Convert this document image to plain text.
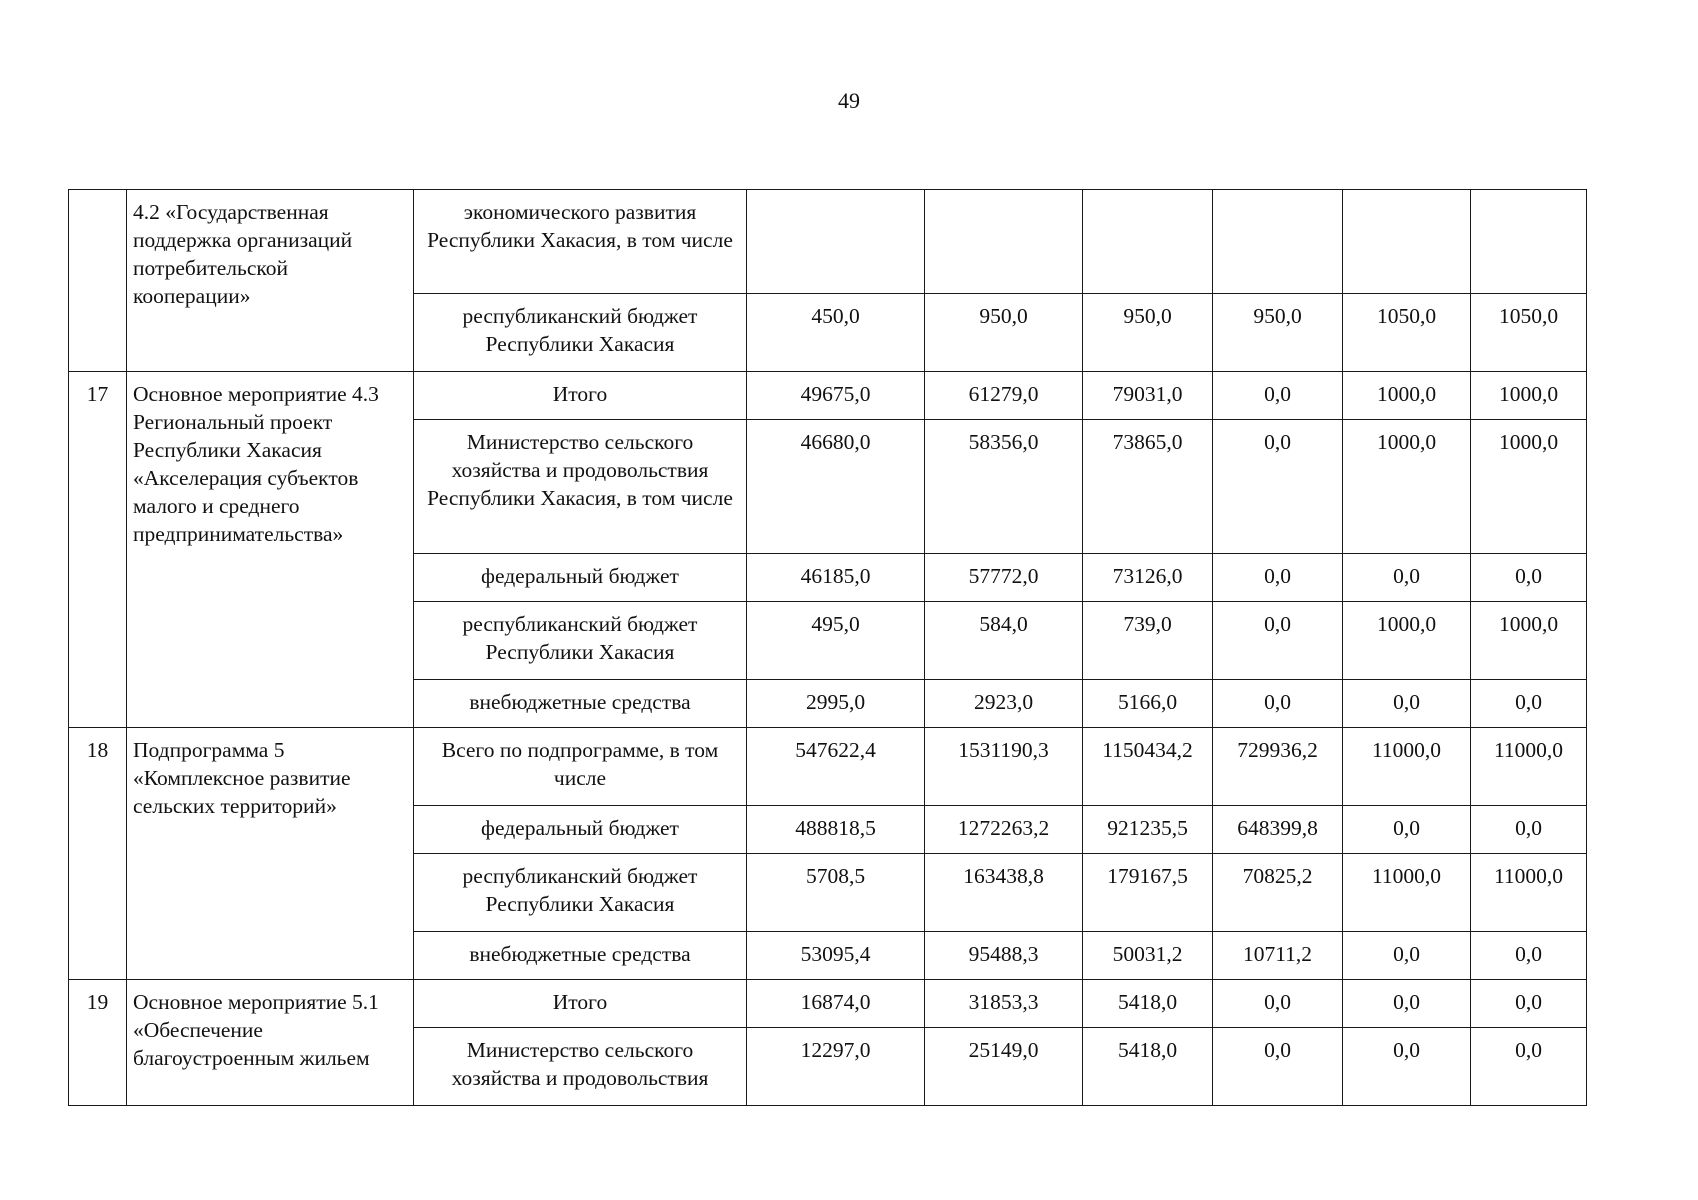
49
	4.2 «Государственная поддержка организаций потребительской кооперации»	экономического развития Республики Хакасия, в том числе						
		республиканский бюджет Республики Хакасия	450,0	950,0	950,0	950,0	1050,0	1050,0
17	Основное мероприятие 4.3 Региональный проект Республики Хакасия «Акселерация субъектов малого и среднего предпринимательства»	Итого	49675,0	61279,0	79031,0	0,0	1000,0	1000,0
		Министерство сельского хозяйства и продовольствия Республики Хакасия, в том числе	46680,0	58356,0	73865,0	0,0	1000,0	1000,0
		федеральный бюджет	46185,0	57772,0	73126,0	0,0	0,0	0,0
		республиканский бюджет Республики Хакасия	495,0	584,0	739,0	0,0	1000,0	1000,0
		внебюджетные средства	2995,0	2923,0	5166,0	0,0	0,0	0,0
18	Подпрограмма 5 «Комплексное развитие сельских территорий»	Всего по подпрограмме, в том числе	547622,4	1531190,3	1150434,2	729936,2	11000,0	11000,0
		федеральный бюджет	488818,5	1272263,2	921235,5	648399,8	0,0	0,0
		республиканский бюджет Республики Хакасия	5708,5	163438,8	179167,5	70825,2	11000,0	11000,0
		внебюджетные средства	53095,4	95488,3	50031,2	10711,2	0,0	0,0
19	Основное мероприятие 5.1 «Обеспечение благоустроенным жильем	Итого	16874,0	31853,3	5418,0	0,0	0,0	0,0
		Министерство сельского хозяйства и продовольствия	12297,0	25149,0	5418,0	0,0	0,0	0,0
